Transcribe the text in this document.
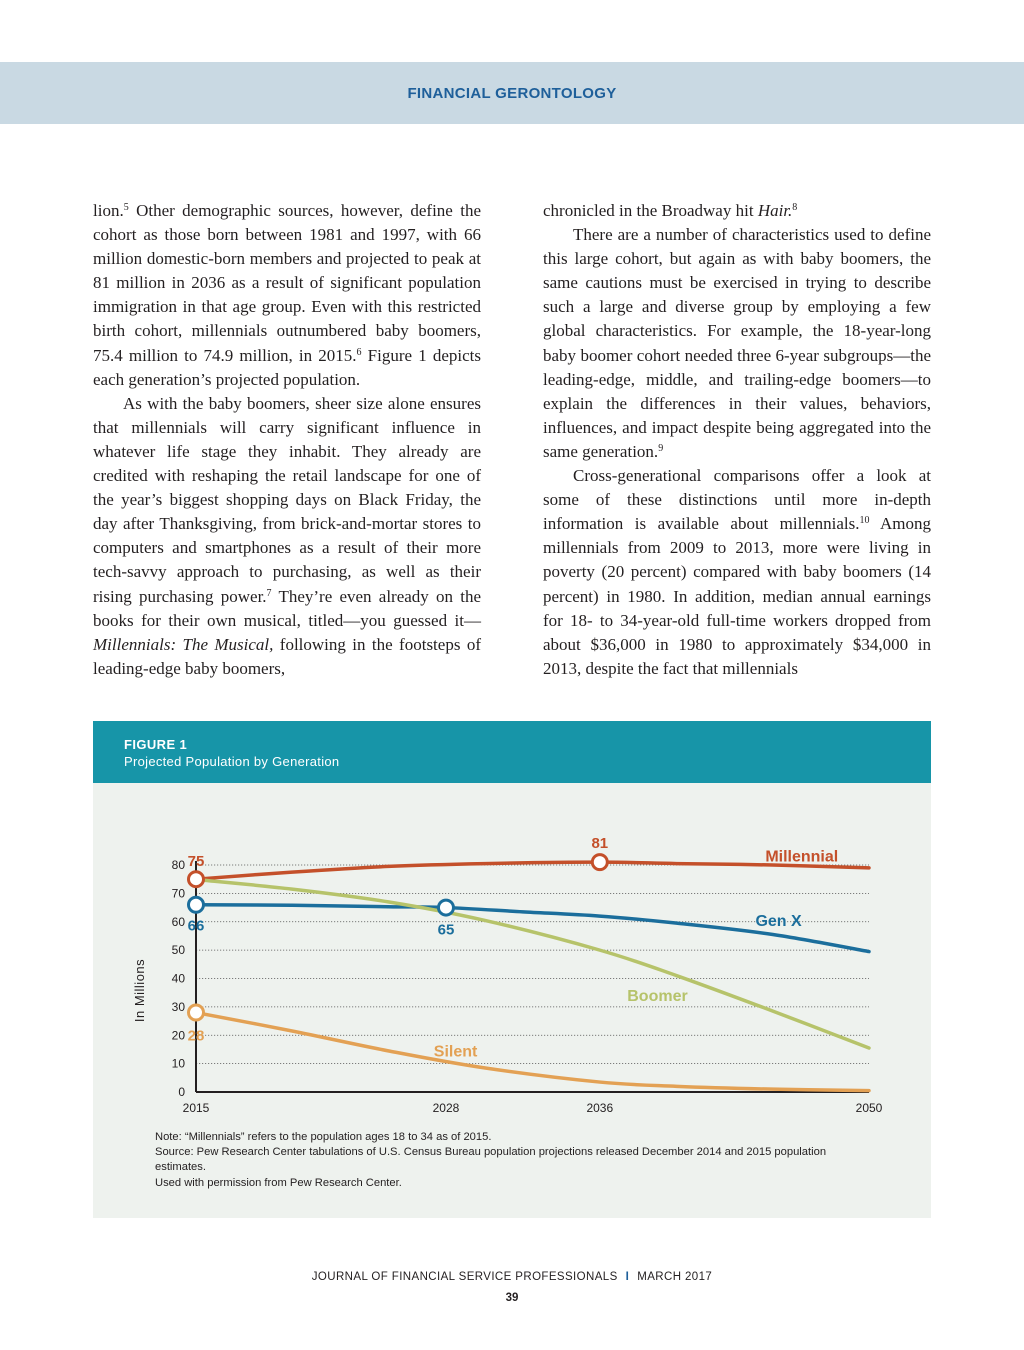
FINANCIAL GERONTOLOGY

lion.$^5$ Other demographic sources, however, define the cohort as those born between 1981 and 1997, with 66 million domestic-born members and projected to peak at 81 million in 2036 as a result of significant population immigration in that age group. Even with this restricted birth cohort, millennials outnumbered baby boomers, 75.4 million to 74.9 million, in 2015.$^6$ Figure 1 depicts each generation’s projected population.

As with the baby boomers, sheer size alone ensures that millennials will carry significant influence in whatever life stage they inhabit. They already are credited with reshaping the retail landscape for one of the year’s biggest shopping days on Black Friday, the day after Thanksgiving, from brick-and-mortar stores to computers and smartphones as a result of their more tech-savvy approach to purchasing, as well as their rising purchasing power.$^7$ They’re even already on the books for their own musical, titled—you guessed it—Millennials: The Musical, following in the footsteps of leading-edge baby boomers,

chronicled in the Broadway hit Hair.$^8$

There are a number of characteristics used to define this large cohort, but again as with baby boomers, the same cautions must be exercised in trying to describe such a large and diverse group by employing a few global characteristics. For example, the 18-year-long baby boomer cohort needed three 6-year subgroups—the leading-edge, middle, and trailing-edge boomers—to explain the differences in their values, behaviors, influences, and impact despite being aggregated into the same generation.$^9$

Cross-generational comparisons offer a look at some of these distinctions until more in-depth information is available about millennials.$^{10}$ Among millennials from 2009 to 2013, more were living in poverty (20 percent) compared with baby boomers (14 percent) in 1980. In addition, median annual earnings for 18- to 34-year-old full-time workers dropped from about $36,000 in 1980 to approximately $34,000 in 2013, despite the fact that millennials

FIGURE 1
Projected Population by Generation
0
10
20
30
40
50
60
70
80
2015	2028	2036	2050
In Millions
75
81
Millennial
66	65
Gen X
Boomer
28
Silent
Note: “Millennials” refers to the population ages 18 to 34 as of 2015.
Source: Pew Research Center tabulations of U.S. Census Bureau population projections released December 2014 and 2015 population estimates.
Used with permission from Pew Research Center.
JOURNAL OF FINANCIAL SERVICE PROFESSIONALS I MARCH 2017
39
